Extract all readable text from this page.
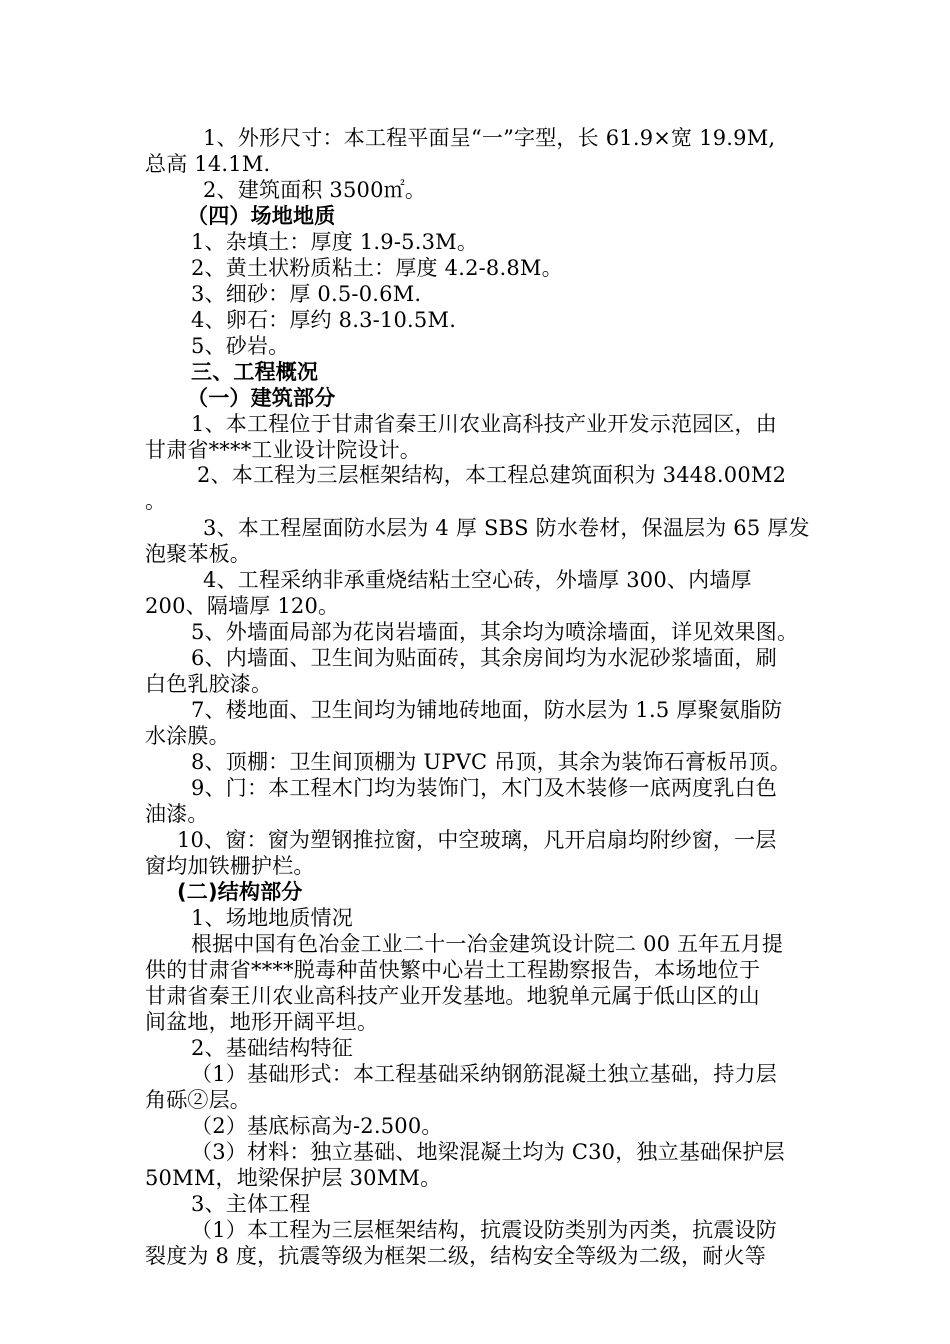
1、外形尺寸：本工程平面呈“一”字型，长 61.9×宽 19.9M,
总高 14.1M.
2、建筑面积 3500㎡。
（四）场地地质
1、杂填土：厚度 1.9-5.3M。
2、黄土状粉质粘土：厚度 4.2-8.8M。
3、细砂：厚 0.5-0.6M.
4、卵石：厚约 8.3-10.5M.
5、砂岩。
三、工程概况
（一）建筑部分
1、本工程位于甘肃省秦王川农业高科技产业开发示范园区，由
甘肃省****工业设计院设计。
2、本工程为三层框架结构，本工程总建筑面积为 3448.00M2
。
3、本工程屋面防水层为 4 厚 SBS 防水卷材，保温层为 65 厚发
泡聚苯板。
4、工程采纳非承重烧结粘土空心砖，外墙厚 300、内墙厚
200、隔墙厚 120。
5、外墙面局部为花岗岩墙面，其余均为喷涂墙面，详见效果图。
6、内墙面、卫生间为贴面砖，其余房间均为水泥砂浆墙面，刷
白色乳胶漆。
7、楼地面、卫生间均为铺地砖地面，防水层为 1.5 厚聚氨脂防
水涂膜。
8、顶棚：卫生间顶棚为 UPVC 吊顶，其余为装饰石膏板吊顶。
9、门：本工程木门均为装饰门，木门及木装修一底两度乳白色
油漆。
10、窗：窗为塑钢推拉窗，中空玻璃，凡开启扇均附纱窗，一层
窗均加铁栅护栏。
(二)结构部分
1、场地地质情况
根据中国有色冶金工业二十一冶金建筑设计院二 00 五年五月提
供的甘肃省****脱毒种苗快繁中心岩土工程勘察报告，本场地位于
甘肃省秦王川农业高科技产业开发基地。地貌单元属于低山区的山
间盆地，地形开阔平坦。
2、基础结构特征
（1）基础形式：本工程基础采纳钢筋混凝土独立基础，持力层
角砾②层。
（2）基底标高为-2.500。
（3）材料：独立基础、地梁混凝土均为 C30，独立基础保护层
50MM，地梁保护层 30MM。
3、主体工程
（1）本工程为三层框架结构，抗震设防类别为丙类，抗震设防
裂度为 8 度，抗震等级为框架二级，结构安全等级为二级，耐火等
